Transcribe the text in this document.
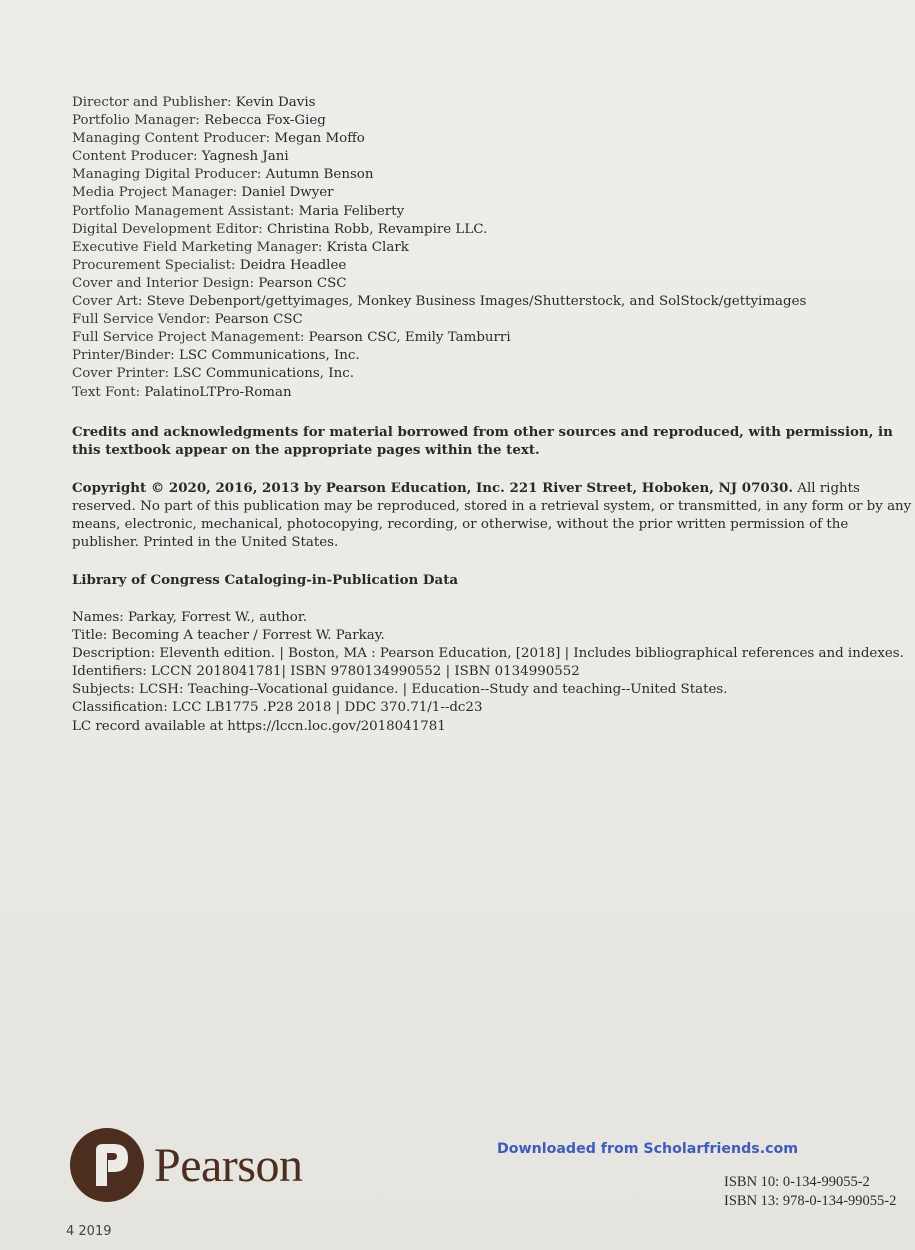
Director and Publisher: Kevin Davis
Portfolio Manager: Rebecca Fox-Gieg
Managing Content Producer: Megan Moffo
Content Producer: Yagnesh Jani
Managing Digital Producer: Autumn Benson
Media Project Manager: Daniel Dwyer
Portfolio Management Assistant: Maria Feliberty
Digital Development Editor: Christina Robb, Revampire LLC.
Executive Field Marketing Manager: Krista Clark
Procurement Specialist: Deidra Headlee
Cover and Interior Design: Pearson CSC
Cover Art: Steve Debenport/gettyimages, Monkey Business Images/Shutterstock, and SolStock/gettyimages
Full Service Vendor: Pearson CSC
Full Service Project Management: Pearson CSC, Emily Tamburri
Printer/Binder: LSC Communications, Inc.
Cover Printer: LSC Communications, Inc.
Text Font: PalatinoLTPro-Roman
Credits and acknowledgments for material borrowed from other sources and reproduced, with permission, in this textbook appear on the appropriate pages within the text.
Copyright © 2020, 2016, 2013 by Pearson Education, Inc. 221 River Street, Hoboken, NJ 07030. All rights reserved. No part of this publication may be reproduced, stored in a retrieval system, or transmitted, in any form or by any means, electronic, mechanical, photocopying, recording, or otherwise, without the prior written permission of the publisher. Printed in the United States.
Library of Congress Cataloging-in-Publication Data
Names: Parkay, Forrest W., author.
Title: Becoming A teacher / Forrest W. Parkay.
Description: Eleventh edition. | Boston, MA : Pearson Education, [2018] | Includes bibliographical references and indexes.
Identifiers: LCCN 2018041781| ISBN 9780134990552 | ISBN 0134990552
Subjects: LCSH: Teaching--Vocational guidance. | Education--Study and teaching--United States.
Classification: LCC LB1775 .P28 2018 | DDC 370.71/1--dc23
LC record available at https://lccn.loc.gov/2018041781
Pearson	Downloaded from Scholarfriends.com
ISBN 10: 0-134-99055-2
ISBN 13: 978-0-134-99055-2
4 2019
